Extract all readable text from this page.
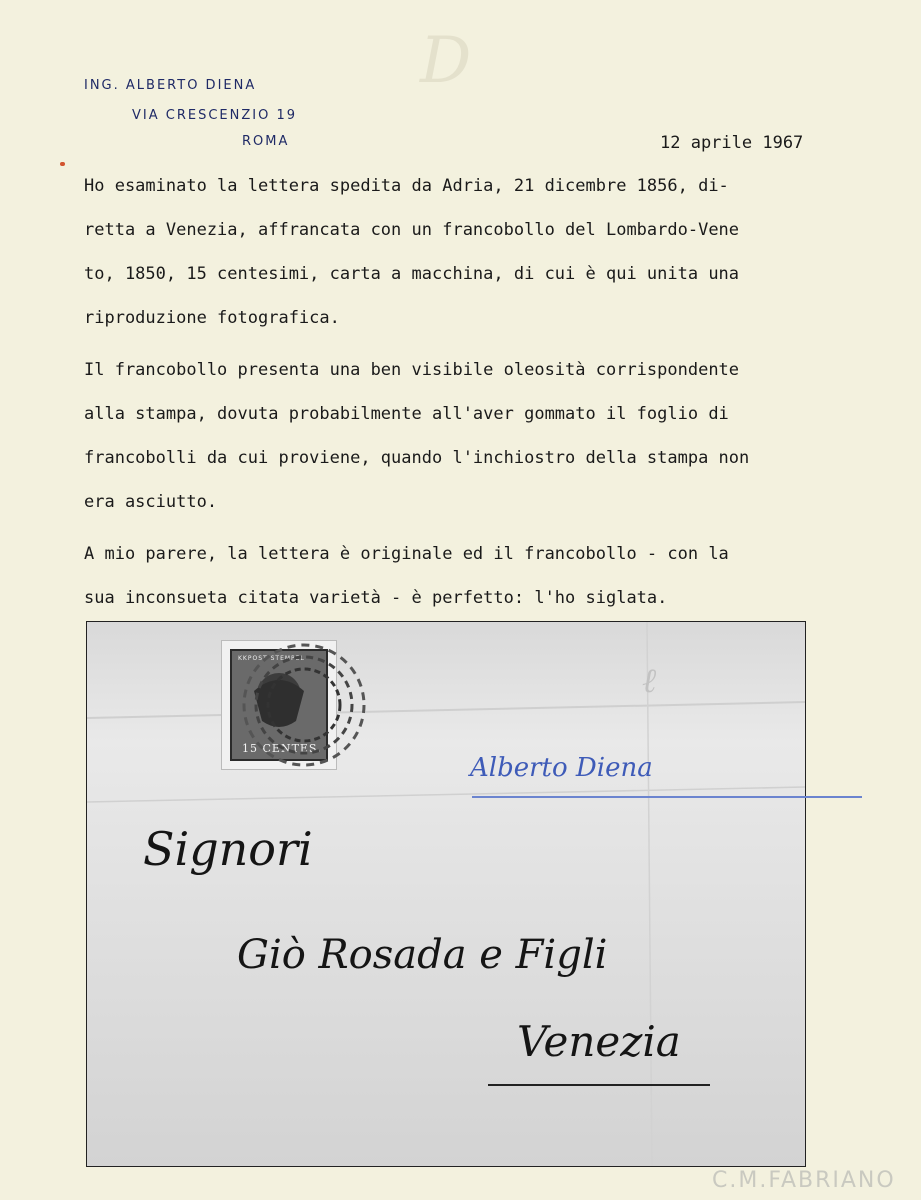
D
ING. ALBERTO DIENA
VIA CRESCENZIO 19
ROMA	12 aprile 1967
Ho esaminato la lettera spedita da Adria, 21 dicembre 1856, di-
retta a Venezia, affrancata con un francobollo del Lombardo-Vene
to, 1850, 15 centesimi, carta a macchina, di cui è qui unita una
riproduzione fotografica.
Il francobollo presenta una ben visibile oleosità corrispondente
alla stampa, dovuta probabilmente all'aver gommato il foglio di
francobolli da cui proviene, quando l'inchiostro della stampa non
era asciutto.
A mio parere, la lettera è originale ed il francobollo - con la
sua inconsueta citata varietà - è perfetto: l'ho siglata.
ℓ
KKPOST STEMPEL
15 CENTES.
Signori
Giò Rosada e Figli
Venezia
Alberto Diena
C.M.FABRIANO
